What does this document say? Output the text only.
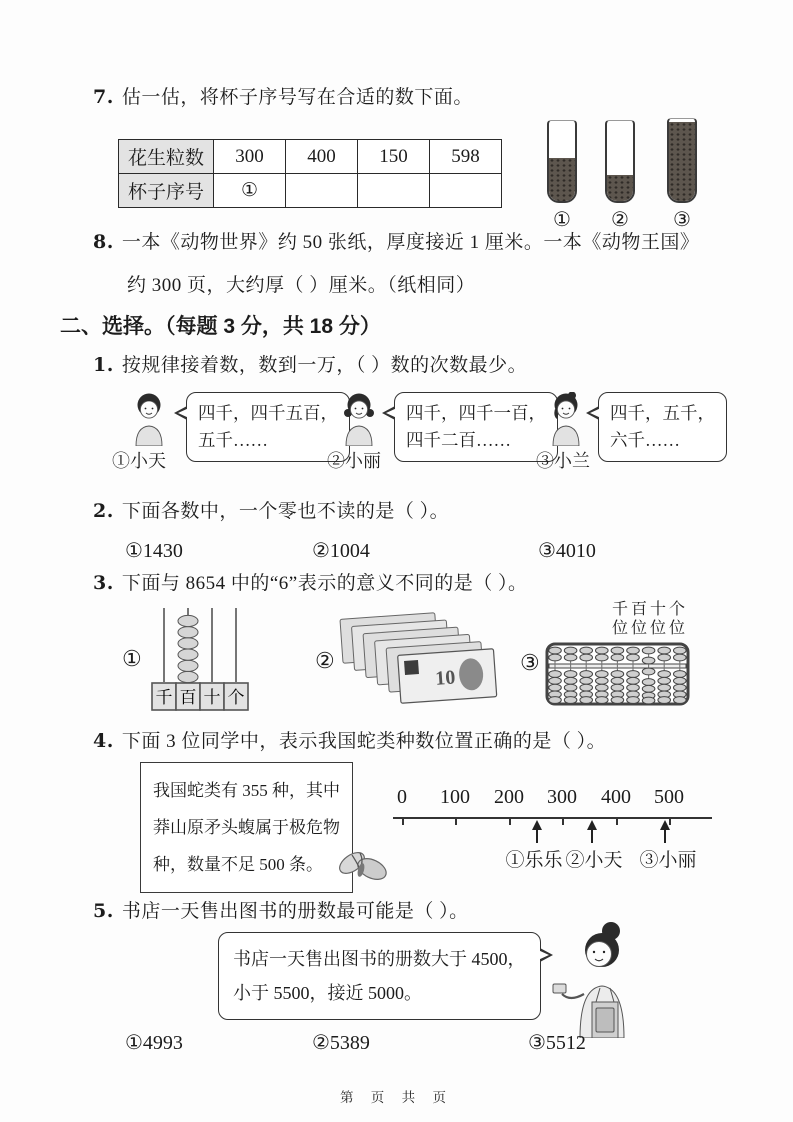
7. 估一估，将杯子序号写在合适的数下面。
花生粒数	300	400	150	598
杯子序号	①			
①	②	③
8. 一本《动物世界》约 50 张纸，厚度接近 1 厘米。一本《动物王国》
约 300 页，大约厚（ ）厘米。（纸相同）
二、选择。（每题 3 分，共 18 分）
1. 按规律接着数，数到一万，（ ）数的次数最少。
①小天
四千，四千五百，
五千……
②小丽
四千，四千一百，
四千二百……
③小兰
四千，五千，
六千……
2. 下面各数中，一个零也不读的是（ ）。
①1430	②1004	③4010
3. 下面与 8654 中的“6”表示的意义不同的是（ ）。
①
千 百 十 个
②
10
③
千百十个
位位位位
4. 下面 3 位同学中，表示我国蛇类种数位置正确的是（ ）。
我国蛇类有 355 种，其中
莽山原矛头蝮属于极危物
种，数量不足 500 条。
0 100 200 300 400 500
①乐乐 ②小天 ③小丽
5. 书店一天售出图书的册数最可能是（ ）。
书店一天售出图书的册数大于 4500，
小于 5500，接近 5000。
①4993	②5389	③5512
第 页 共 页
